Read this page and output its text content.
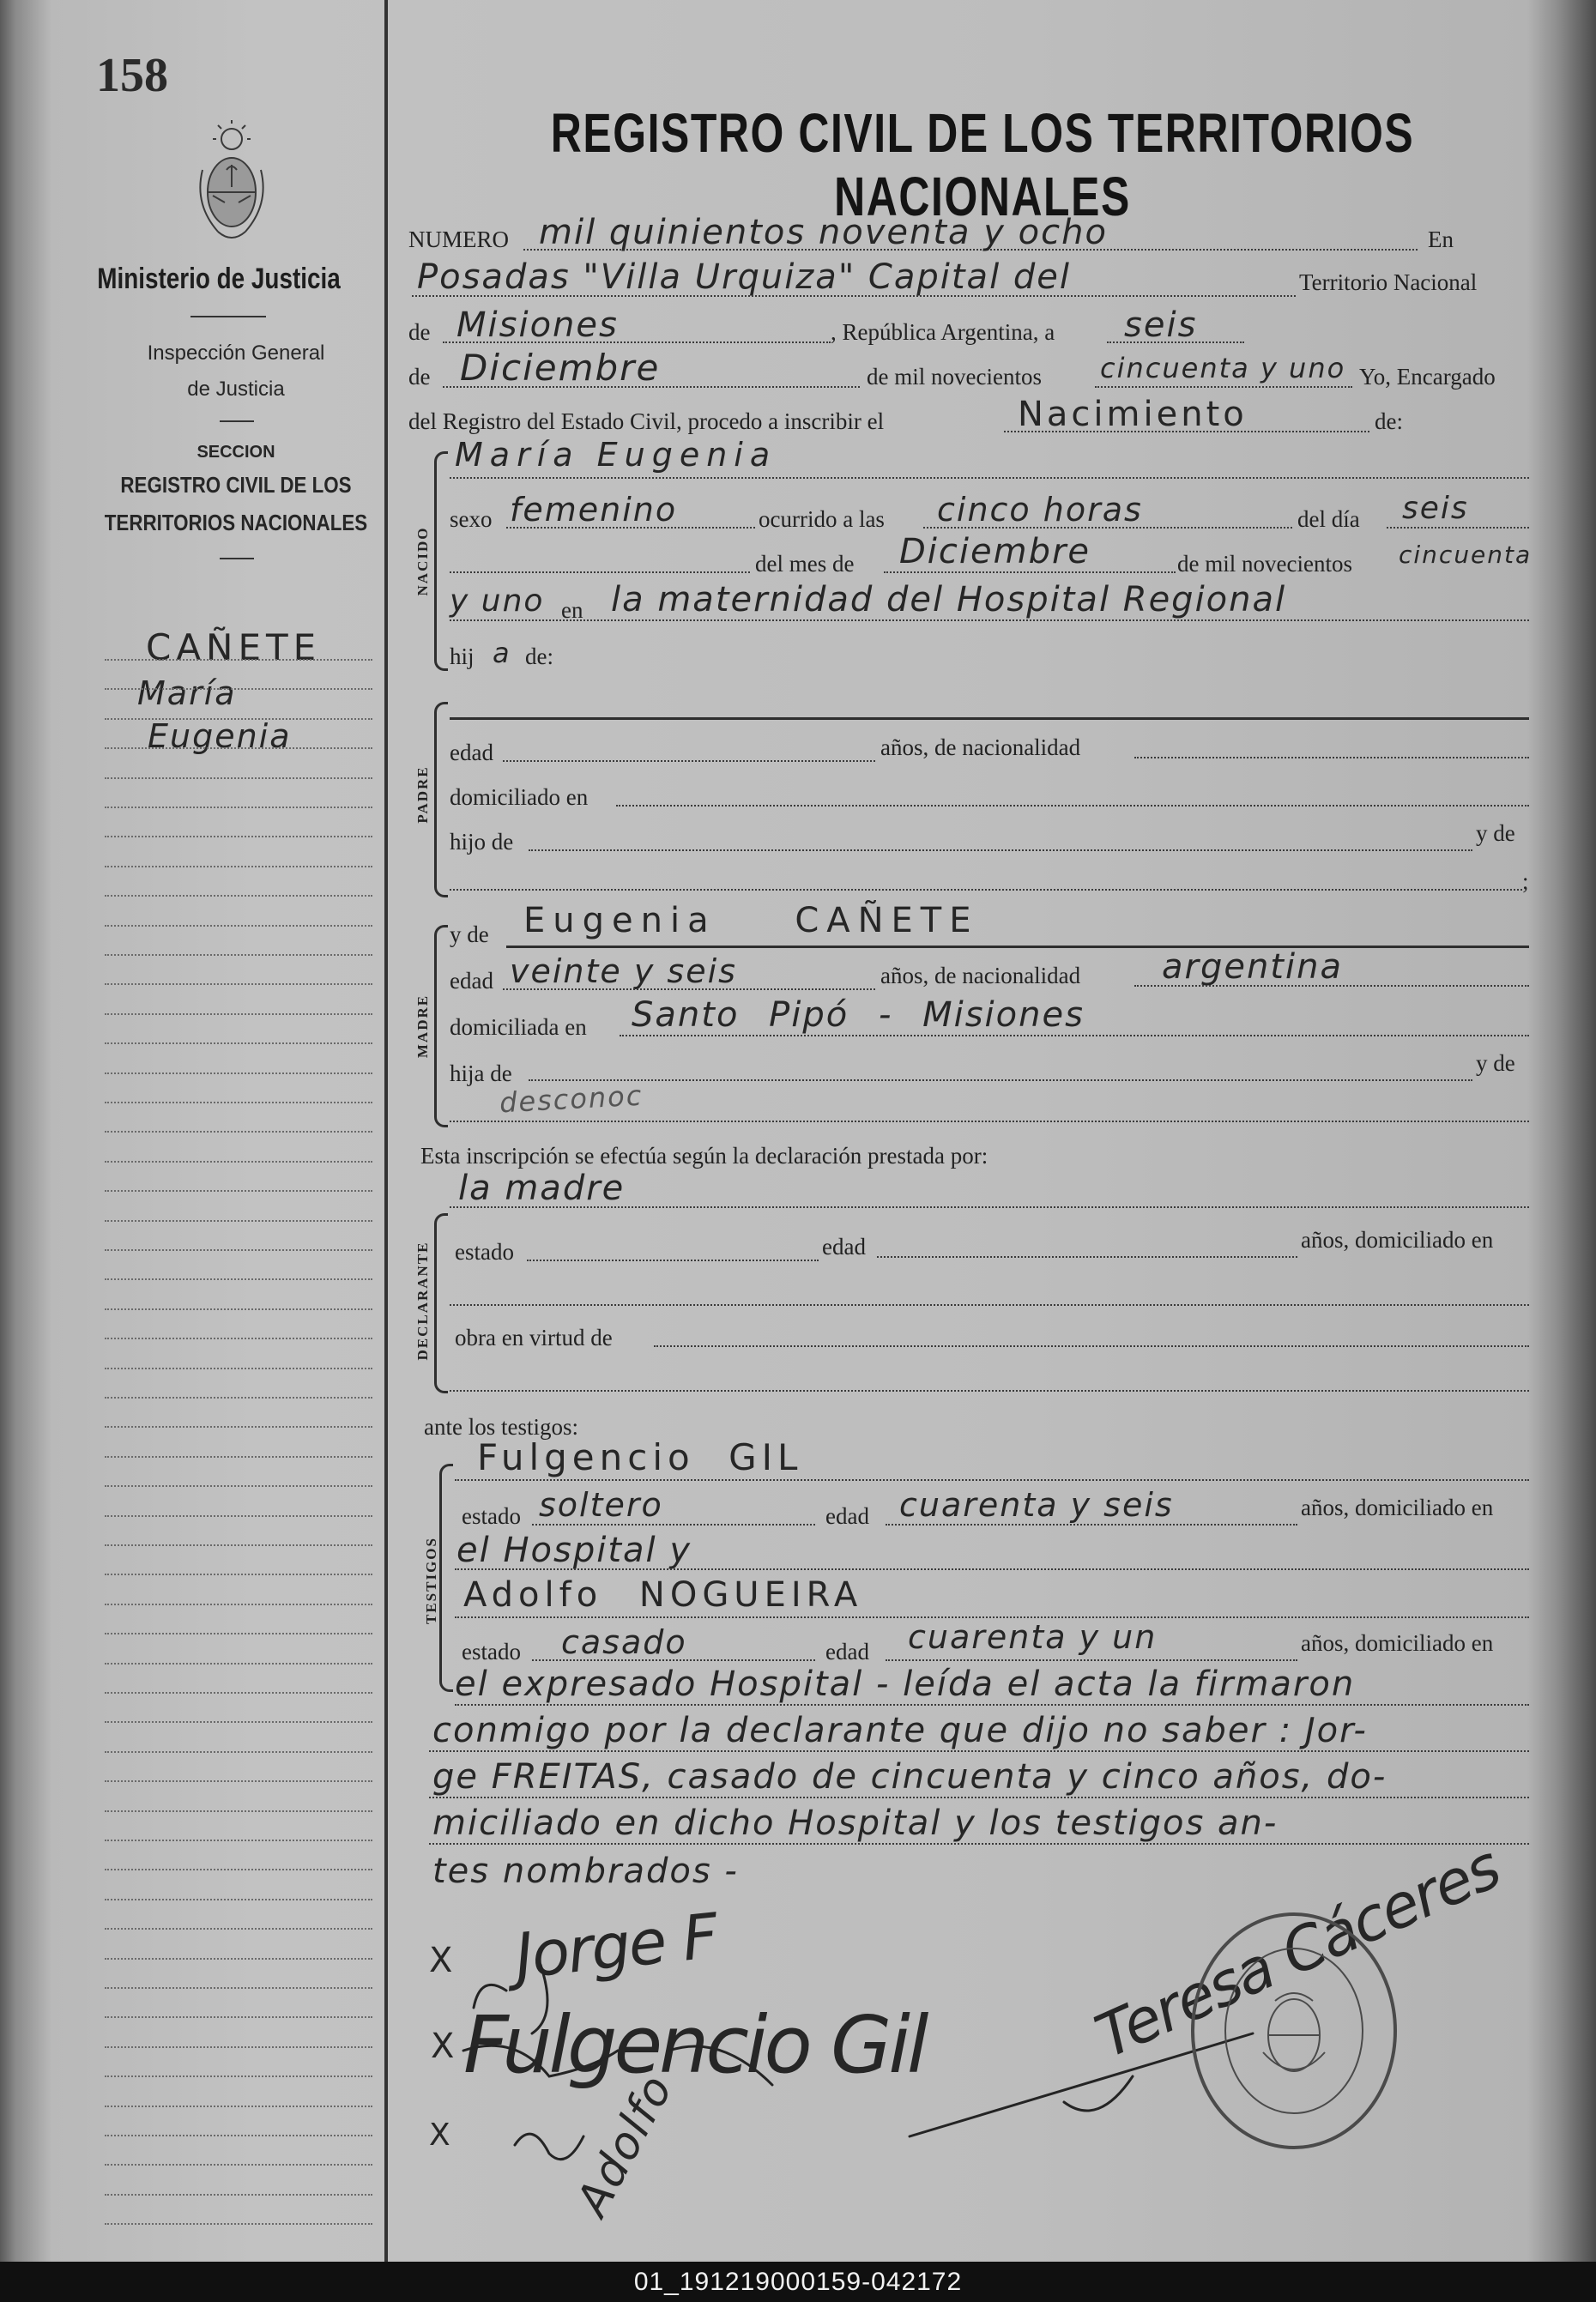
158
Ministerio de Justicia
Inspección General
de Justicia
SECCION
REGISTRO CIVIL DE LOS
TERRITORIOS NACIONALES
CAÑETE
María
Eugenia
REGISTRO CIVIL DE LOS TERRITORIOS NACIONALES
NUMERO mil quinientos noventa y ocho	En
Posadas "Villa Urquiza" Capital del	Territorio Nacional
de Misiones	, República Argentina, a seis
de Diciembre	de mil novecientos cincuenta y uno Yo, Encargado
del Registro del Estado Civil, procedo a inscribir el	Nacimiento	de:
NACIDO
María Eugenia
sexo femenino	ocurrido a las cinco horas	del día seis
del mes de Diciembre	de mil novecientos cincuenta
y uno en la maternidad del Hospital Regional
hij a de:
PADRE
edad	años, de nacionalidad
domiciliado en
hijo de	y de
;
MADRE
y de Eugenia CAÑETE
edad veinte y seis	años, de nacionalidad argentina
domiciliada en Santo Pipó - Misiones
hija de
desconoc
y de
Esta inscripción se efectúa según la declaración prestada por:
DECLARANTE
la madre
estado	edad	años, domiciliado en
obra en virtud de
ante los testigos:
TESTIGOS
Fulgencio GIL
estado soltero	edad cuarenta y seis	años, domiciliado en
el Hospital y
Adolfo NOGUEIRA
estado casado	edad cuarenta y un	años, domiciliado en
el expresado Hospital - leída el acta la firmaron
conmigo por la declarante que dijo no saber : Jor-
ge FREITAS, casado de cincuenta y cinco años, do-
miciliado en dicho Hospital y los testigos an-
tes nombrados -
X
X
X
Jorge F
Fulgencio Gil
Adolfo
Teresa Cáceres
01_191219000159-042172
